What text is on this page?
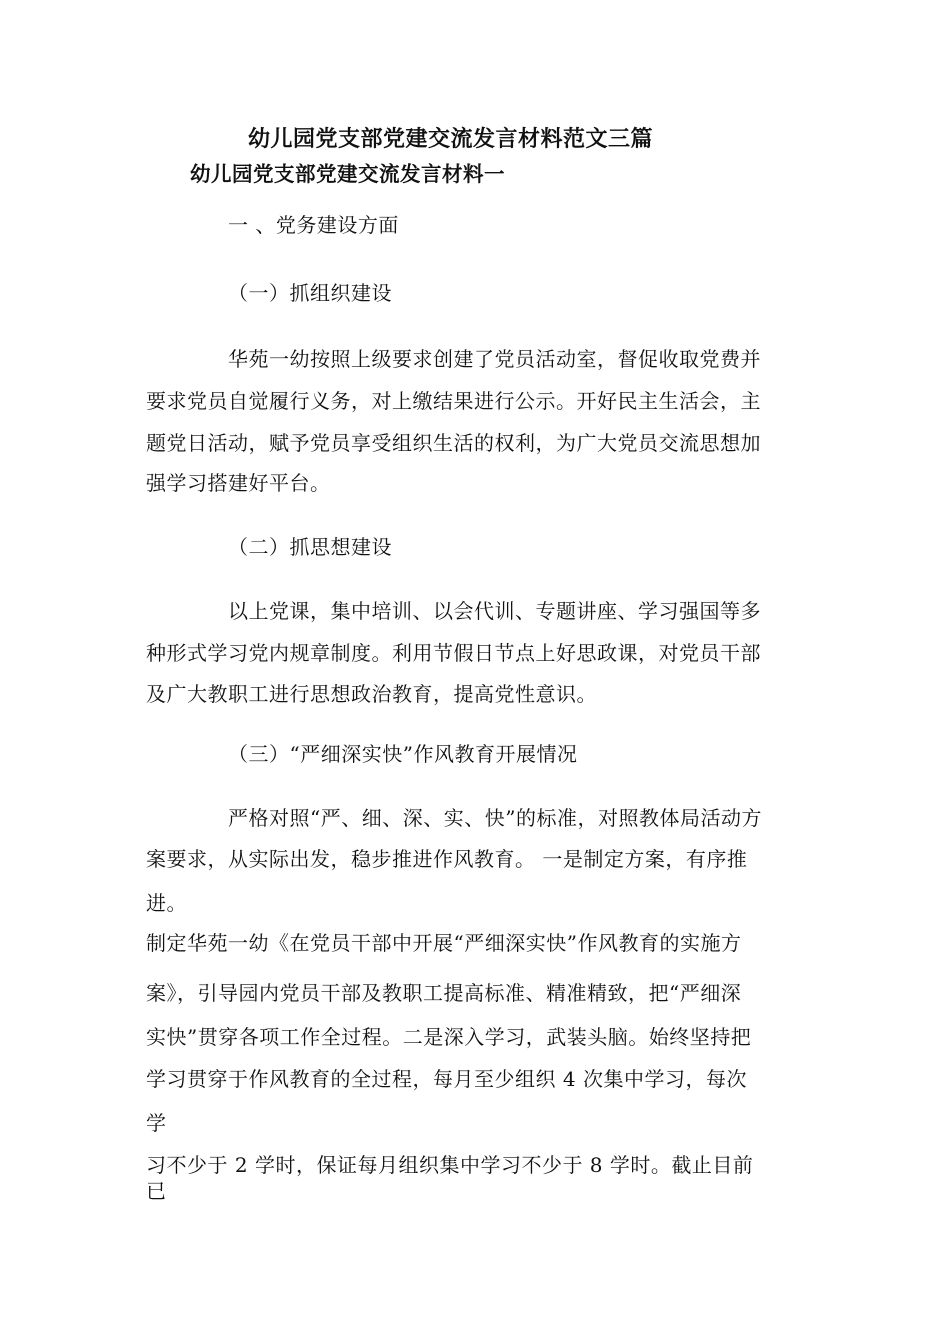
幼儿园党支部党建交流发言材料范文三篇
幼儿园党支部党建交流发言材料一
一 、党务建设方面
（一）抓组织建设
华苑一幼按照上级要求创建了党员活动室，督促收取党费并
要求党员自觉履行义务，对上缴结果进行公示。开好民主生活会，主
题党日活动，赋予党员享受组织生活的权利，为广大党员交流思想加
强学习搭建好平台。
（二）抓思想建设
以上党课，集中培训、以会代训、专题讲座、学习强国等多
种形式学习党内规章制度。利用节假日节点上好思政课，对党员干部
及广大教职工进行思想政治教育，提高党性意识。
（三）“严细深实快”作风教育开展情况
严格对照“严、细、深、实、快”的标准，对照教体局活动方
案要求，从实际出发，稳步推进作风教育。 一是制定方案，有序推
进。
制定华苑一幼《在党员干部中开展“严细深实快”作风教育的实施方
案》，引导园内党员干部及教职工提高标准、精准精致，把“严细深
实快”贯穿各项工作全过程。二是深入学习，武装头脑。始终坚持把
学习贯穿于作风教育的全过程，每月至少组织 4 次集中学习，每次
学
习不少于 2 学时，保证每月组织集中学习不少于 8 学时。截止目前
已
